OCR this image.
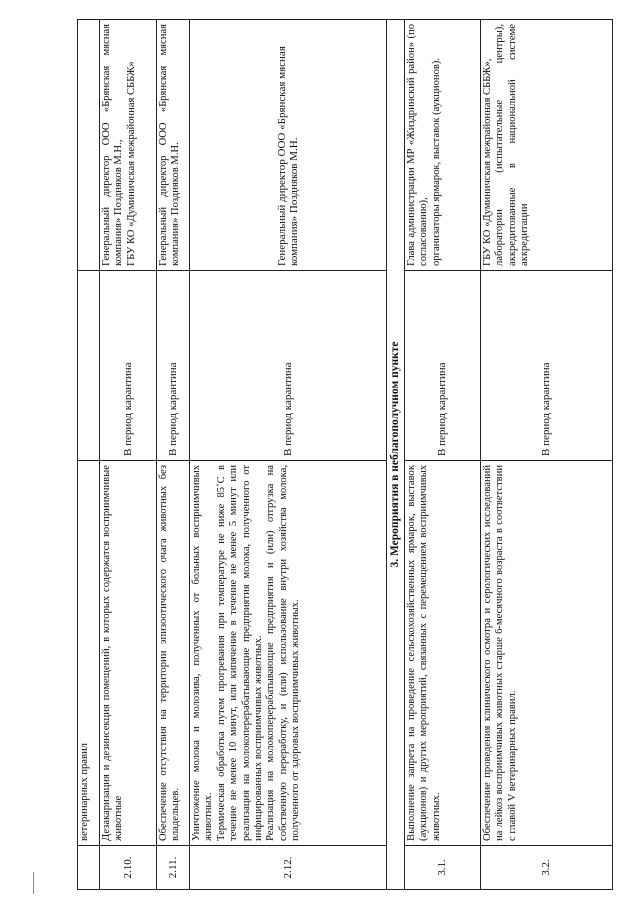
	ветеринарных правил		
2.10.	Дезакаризация и дезинсекция помещений, в которых содержатся восприимчивые животные	В период карантина	Генеральный директор ООО «Брянская мясная компания» Поздняков М.Н., ГБУ КО «Думиничская межрайонная СББЖ»

2.11.	Обеспечение отсутствия на территории эпизоотического очага животных без владельцев.	В период карантина	Генеральный директор ООО «Брянская мясная компания» Поздняков М.Н.

2.12.	Уничтожение молока и молозива, полученных от больных восприимчивых животных. Термическая обработка путем прогревания при температуре не ниже 85˚С в течение не менее 10 минут, или кипячение в течение не менее 5 минут или реализация на молокоперерабатывающие предприятия молока, полученного от инфицированных восприимчивых животных. Реализация на молокоперерабатывающие предприятия и (или) отгрузка на собственную переработку, и (или) использование внутри хозяйства молока, полученного от здоровых восприимчивых животных.	В период карантина	Генеральный директор ООО «Брянская мясная компания» Поздняков М.Н.

3. Мероприятия в неблагополучном пункте			
3.1.	Выполнение запрета на проведение сельскохозяйственных ярмарок, выставок (аукционов) и других мероприятий, связанных с перемещением восприимчивых животных.	В период карантина	Глава администрации МР «Жиздринский район» (по согласованию), организаторы ярмарок, выставок (аукционов).

3.2.	Обеспечение проведения клинического осмотра и серологических исследований на лейкоз восприимчивых животных старше 6-месячного возраста в соответствии с главой V ветеринарных правил.	В период карантина	ГБУ КО «Думиничская межрайонная СББЖ», лаборатории (испытательные центры), аккредитованные в национальной системе аккредитации
